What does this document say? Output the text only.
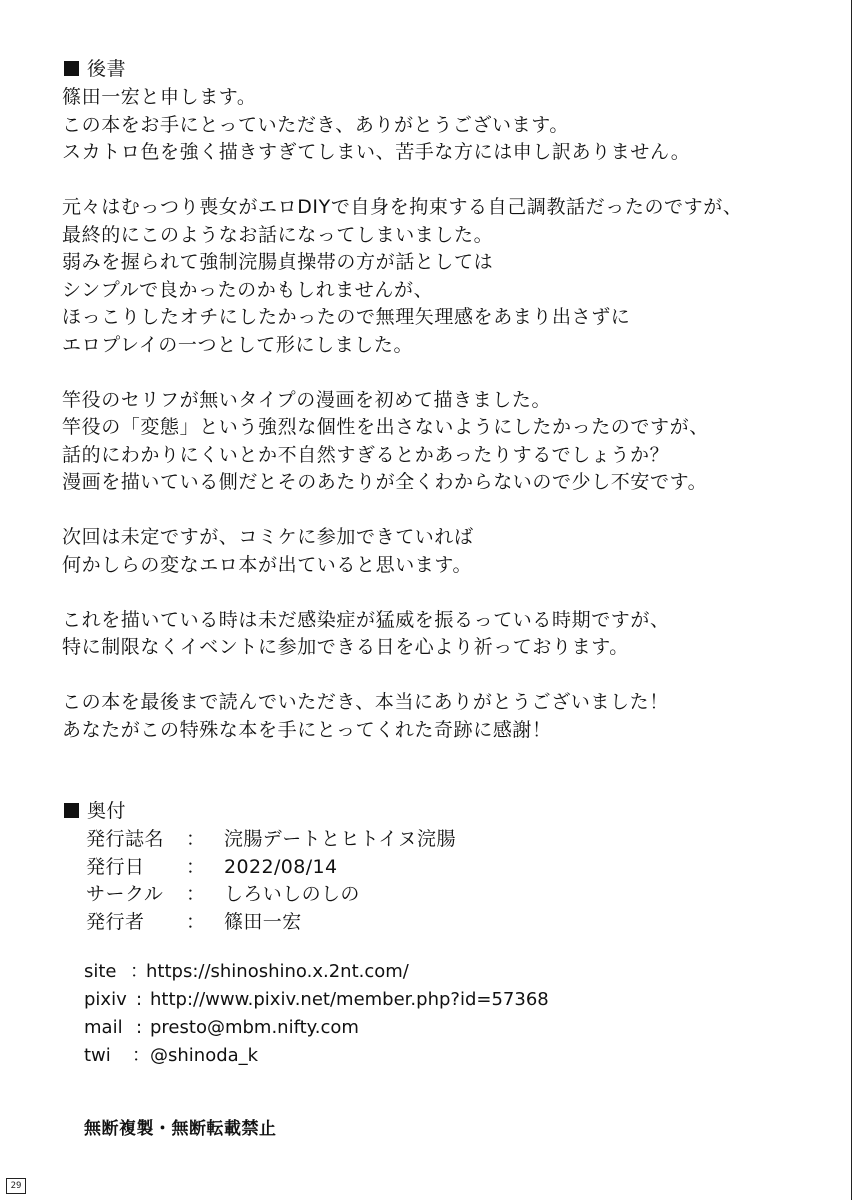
後書
篠田一宏と申します。
この本をお手にとっていただき、ありがとうございます。
スカトロ色を強く描きすぎてしまい、苦手な方には申し訳ありません。
元々はむっつり喪女がエロDIYで自身を拘束する自己調教話だったのですが、
最終的にこのようなお話になってしまいました。
弱みを握られて強制浣腸貞操帯の方が話としては
シンプルで良かったのかもしれませんが、
ほっこりしたオチにしたかったので無理矢理感をあまり出さずに
エロプレイの一つとして形にしました。
竿役のセリフが無いタイプの漫画を初めて描きました。
竿役の「変態」という強烈な個性を出さないようにしたかったのですが、
話的にわかりにくいとか不自然すぎるとかあったりするでしょうか？
漫画を描いている側だとそのあたりが全くわからないので少し不安です。
次回は未定ですが、コミケに参加できていれば
何かしらの変なエロ本が出ていると思います。
これを描いている時は未だ感染症が猛威を振るっている時期ですが、
特に制限なくイベントに参加できる日を心より祈っております。
この本を最後まで読んでいただき、本当にありがとうございました！
あなたがこの特殊な本を手にとってくれた奇跡に感謝！
奥付
発行誌名 ： 浣腸デートとヒトイヌ浣腸
発行日 ： 2022/08/14
サークル ： しろいしのしの
発行者 ： 篠田一宏
site ：
https://shinoshino.x.2nt.com/
pixiv : http://www.pixiv.net/member.php?id=57368
mail : presto@mbm.nifty.com
twi ： @shinoda_k
無断複製・無断転載禁止
29
